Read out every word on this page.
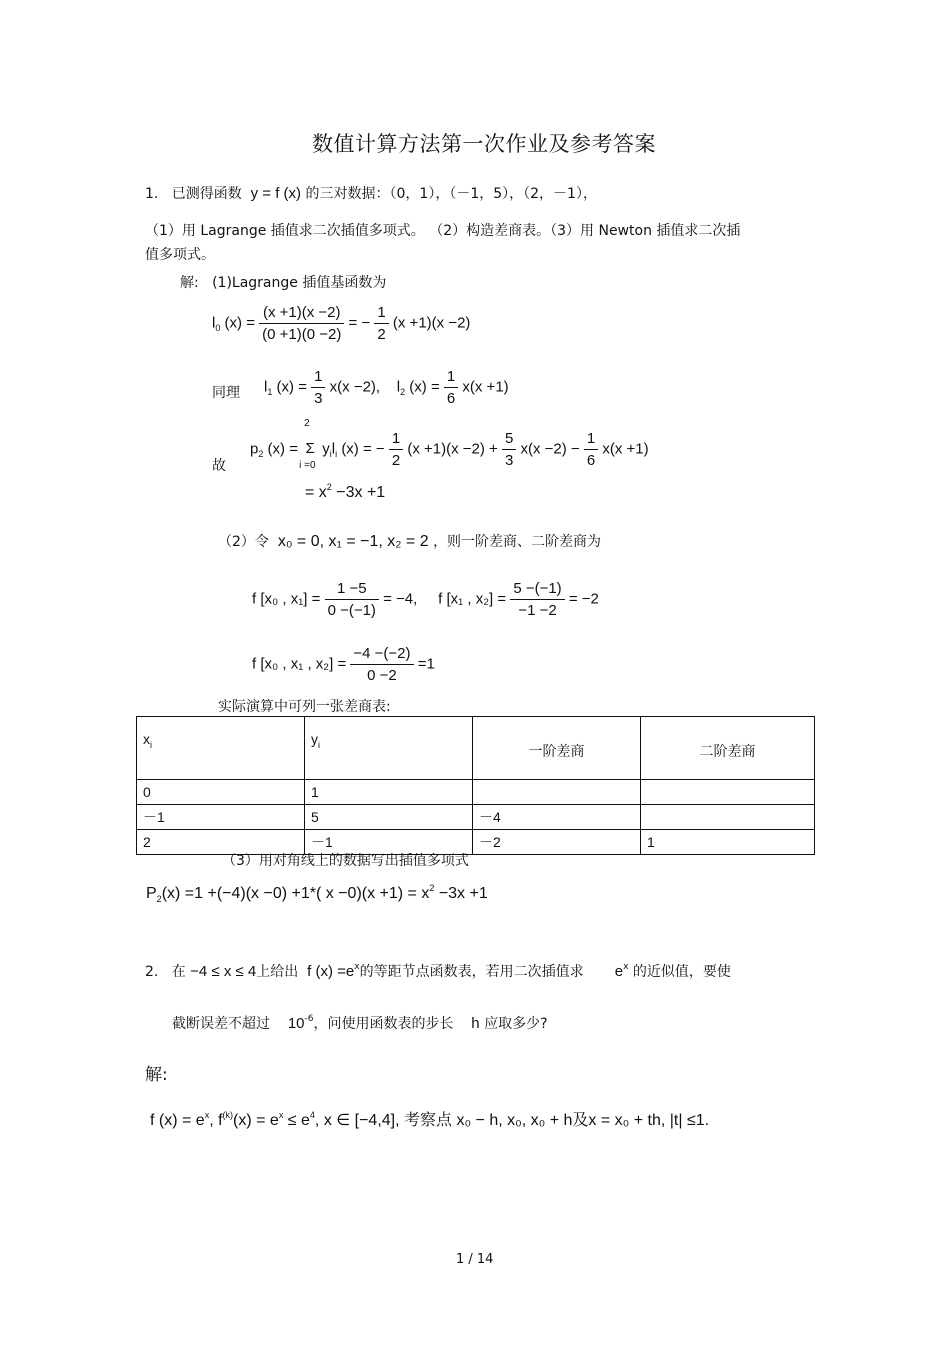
数值计算方法第一次作业及参考答案
1. 已测得函数 y = f (x) 的三对数据：（0，1），（－1，5），（2，－1），
（1）用 Lagrange 插值求二次插值多项式。 （2）构造差商表。（3）用 Newton 插值求二次插
值多项式。
解: (1)Lagrange 插值基函数为
$l_0$ $(x) = \frac{(x +1)(x -2)}{(0 +1)(0 -2)}$ = − $\frac{1}{2} (x +1)(x -2)$
同理 $l_1$ $(x) = \frac{1}{3} x(x -2)$, $l_2$ $(x) = \frac{1}{6} x(x +1)$
故
$p_2$ (x) = Σ
2
i =0
$y_il_i$ (x) = − $\frac{1}{2} (x +1)(x -2) + \frac{5}{3} x(x -2) - \frac{1}{6} x(x +1)$
= $x^2 -3x +1$
（2）令 x₀ = 0, x₁ = −1, x₂ = 2 ，则一阶差商、二阶差商为
f [x₀ , $x_1] = \frac{1 -5}{0 -(-1)} = -4$, f [x₁ , $x_2] = \frac{5 -(-1)}{-1 -2} = -2$
f [x₀ , x₁ , $x_2] = \frac{-4 -(-2)}{0 -2} =1$
实际演算中可列一张差商表:
$x_i$	$y_i$	一阶差商	二阶差商

0	1		
－1	5	－4	
2	－1	－2	1
（3）用对角线上的数据写出插值多项式
$P_2(x) =1 +(-4)(x -0) +1*$( $x -0)(x +1) = x^2 -3x +1$
2. 在 −4 ≤ x ≤ 4上给出 f $(x) =e^x$的等距节点函数表，若用二次插值求 $e^x$ 的近似值，要使
截断误差不超过 $10^{-6}$，问使用函数表的步长 h 应取多少?
解:
f $(x) = e^x$, $f^{(k)}(x) = e^x \le e^4$, x ∈ [−4,4], 考察点 x₀ − h, x₀, x₀ + h及x = x₀ + th, |t| ≤1.
1 / 14
